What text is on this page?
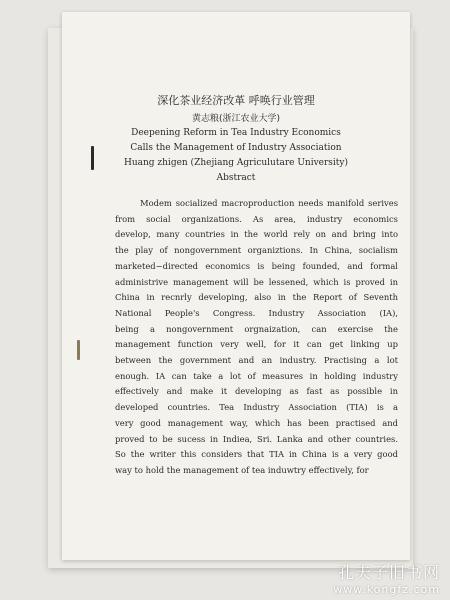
深化茶业经济改革 呼唤行业管理
黄志粮(浙江农业大学)
Deepening Reform in Tea Industry Economics
Calls the Management of Industry Association
Huang zhigen (Zhejiang Agriculutare University)
Abstract

Modem socialized macroproduction needs manifold serives

from social organizations. As area, industry economics

develop, many countries in the world rely on and bring into

the play of nongovernment organiztions. In China, socialism

marketed−directed economics is being founded, and formal

administrive management will be lessened, which is proved in

China in recnrly developing, also in the Report of Seventh

National People's Congress. Industry Association (IA),

being a nongovernment orgnaization, can exercise the

management function very well, for it can get linking up

between the government and an industry. Practising a lot

enough. IA can take a lot of measures in holding industry

effectively and make it developing as fast as possible in

developed countries. Tea Industry Association (TIA) is a

very good management way, which has been practised and

proved to be sucess in Indiea, Sri. Lanka and other countries.

So the writer this considers that TIA in China is a very good

way to hold the management of tea induwtry effectively, for

孔夫子旧书网
www.kongfz.com
